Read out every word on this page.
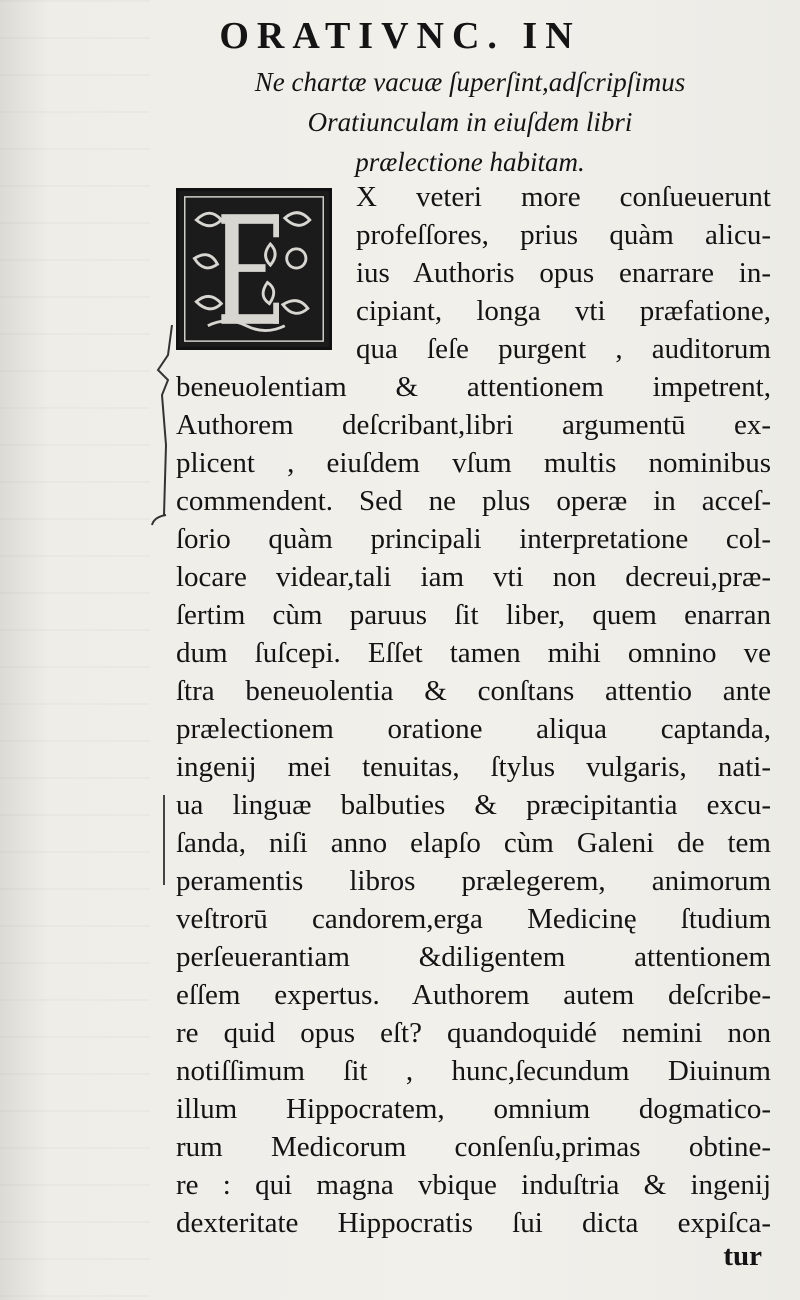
ORATIVNC. IN
Ne chartæ vacuæ ſuperſint,adſcripſimus
Oratiunculam in eiuſdem libri
prælectione habitam.
X veteri more conſueuerunt
profeſſores, prius quàm alicu-
ius Authoris opus enarrare in-
cipiant, longa vti præfatione,
qua ſeſe purgent , auditorum
beneuolentiam & attentionem impetrent,
Authorem deſcribant,libri argumentū ex-
plicent , eiuſdem vſum multis nominibus
commendent. Sed ne plus operæ in acceſ-
ſorio quàm principali interpretatione col-
locare videar,tali iam vti non decreui,præ-
ſertim cùm paruus ſit liber, quem enarran
dum ſuſcepi. Eſſet tamen mihi omnino ve
ſtra beneuolentia & conſtans attentio ante
prælectionem oratione aliqua captanda,
ingenij mei tenuitas, ſtylus vulgaris, nati-
ua linguæ balbuties & præcipitantia excu-
ſanda, niſi anno elapſo cùm Galeni de tem
peramentis libros prælegerem, animorum
veſtrorū candorem,erga Medicinę ſtudium
perſeuerantiam &diligentem attentionem
eſſem expertus. Authorem autem deſcribe-
re quid opus eſt? quandoquidé nemini non
notiſſimum ſit , hunc,ſecundum Diuinum
illum Hippocratem, omnium dogmatico-
rum Medicorum conſenſu,primas obtine-
re : qui magna vbique induſtria & ingenij
dexteritate Hippocratis ſui dicta expiſca-
tur
